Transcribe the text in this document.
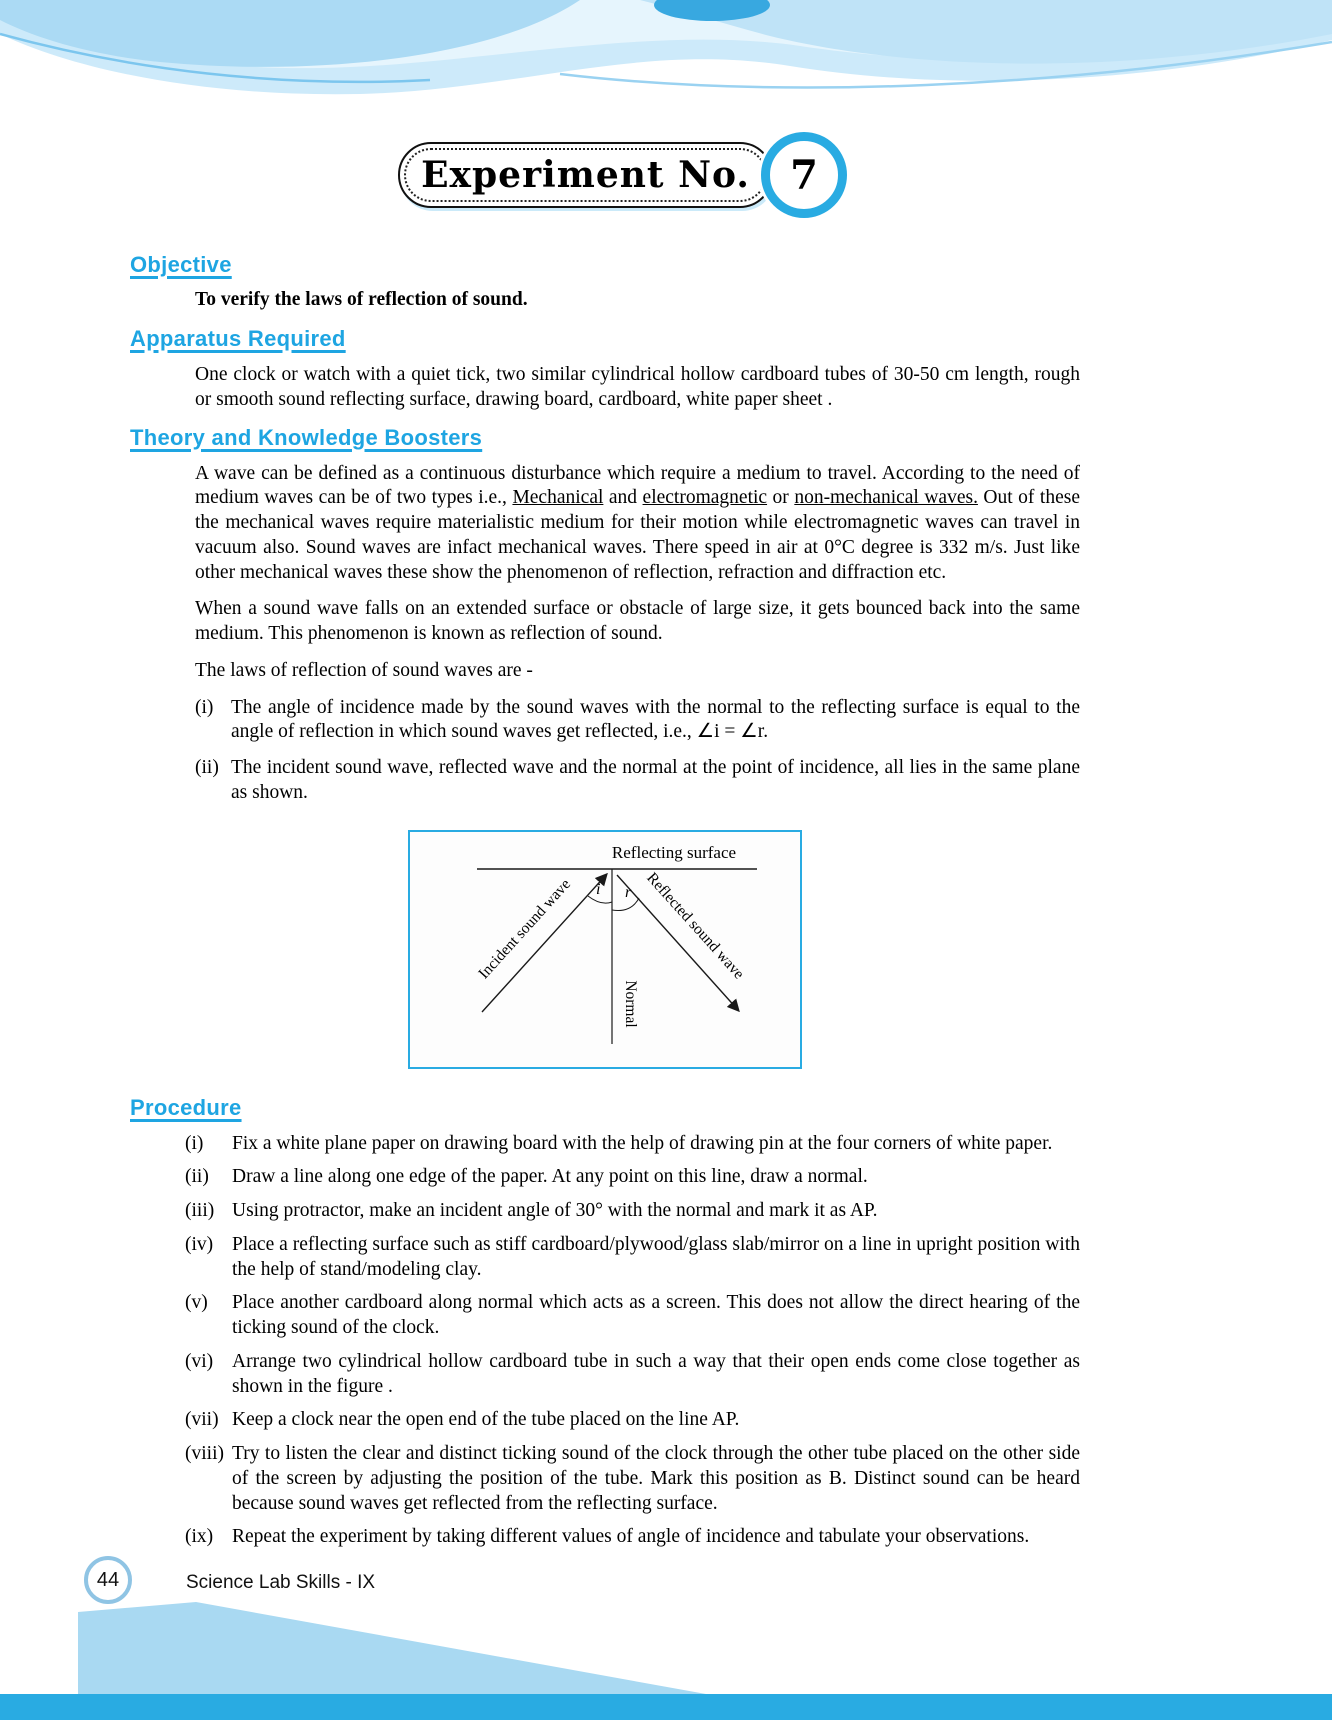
Experiment No. 7
Objective

To verify the laws of reflection of sound.

Apparatus Required

One clock or watch with a quiet tick, two similar cylindrical hollow cardboard tubes of 30-50 cm length, rough or smooth sound reflecting surface, drawing board, cardboard, white paper sheet .

Theory and Knowledge Boosters

A wave can be defined as a continuous disturbance which require a medium to travel. According to the need of medium waves can be of two types i.e., Mechanical and electromagnetic or non-mechanical waves. Out of these the mechanical waves require materialistic medium for their motion while electromagnetic waves can travel in vacuum also. Sound waves are infact mechanical waves. There speed in air at 0°C degree is 332 m/s. Just like other mechanical waves these show the phenomenon of reflection, refraction and diffraction etc.

When a sound wave falls on an extended surface or obstacle of large size, it gets bounced back into the same medium. This phenomenon is known as reflection of sound.

The laws of reflection of sound waves are -

(i) The angle of incidence made by the sound waves with the normal to the reflecting surface is equal to the angle of reflection in which sound waves get reflected, i.e., ∠i = ∠r.
(ii) The incident sound wave, reflected wave and the normal at the point of incidence, all lies in the same plane as shown.
Reflecting surface
i r
Incident sound wave	Reflected sound wave
Normal
Procedure
(i)	Fix a white plane paper on drawing board with the help of drawing pin at the four corners of white paper.
(ii)	Draw a line along one edge of the paper. At any point on this line, draw a normal.
(iii) Using protractor, make an incident angle of 30° with the normal and mark it as AP.
(iv) Place a reflecting surface such as stiff cardboard/plywood/glass slab/mirror on a line in upright position with the help of stand/modeling clay.
(v)	Place another cardboard along normal which acts as a screen. This does not allow the direct hearing of the ticking sound of the clock.
(vi) Arrange two cylindrical hollow cardboard tube in such a way that their open ends come close together as shown in the figure .
(vii) Keep a clock near the open end of the tube placed on the line AP.
(viii) Try to listen the clear and distinct ticking sound of the clock through the other tube placed on the other side of the screen by adjusting the position of the tube. Mark this position as B. Distinct sound can be heard because sound waves get reflected from the reflecting surface.
(ix) Repeat the experiment by taking different values of angle of incidence and tabulate your observations.
44	Science Lab Skills - IX
